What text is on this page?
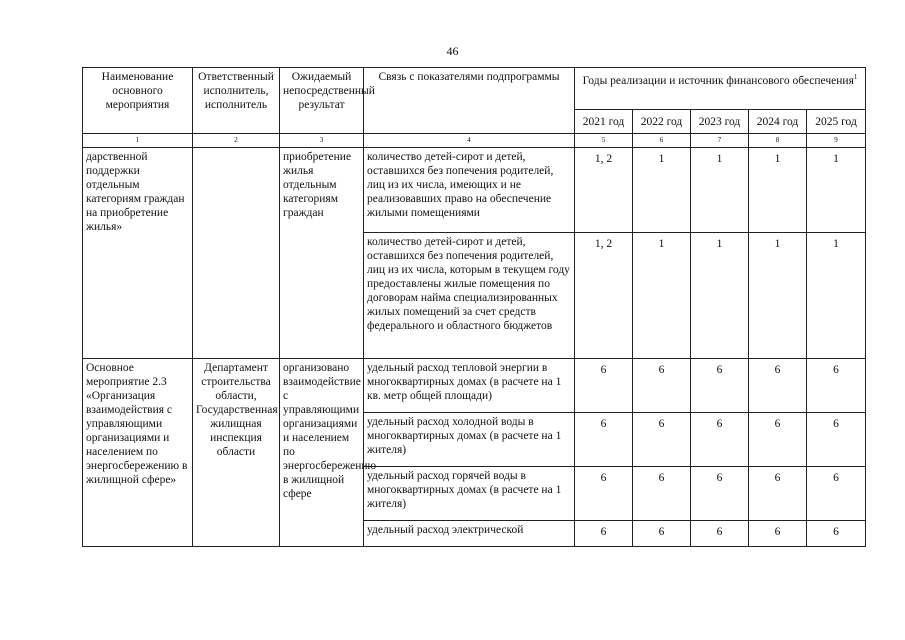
46
Наименование основного мероприятия	Ответственный исполнитель, исполнитель	Ожидаемый непосредственный результат	Связь с показателями подпрограммы	Годы реализации и источник финансового обеспечения$^1$
				2021 год	2022 год	2023 год	2024 год	2025 год
1	2	3	4	5	6	7	8	9
дарственной поддержки отдельным категориям граждан на приобретение жилья»		приобретение жилья отдельным категориям граждан	количество детей-сирот и детей, оставшихся без попечения родителей, лиц из их числа, имеющих и не реализовавших право на обеспечение жилыми помещениями	1, 2	1	1	1	1
			количество детей-сирот и детей, оставшихся без попечения родителей, лиц из их числа, которым в текущем году предоставлены жилые помещения по договорам найма специализированных жилых помещений за счет средств федерального и областного бюджетов	1, 2	1	1	1	1
Основное мероприятие 2.3 «Организация взаимодействия с управляющими организациями и населением по энергосбережению в жилищной сфере»	Департамент строительства области, Государственная жилищная инспекция области	организовано взаимодействие с управляющими организациями и населением по энергосбережению в жилищной сфере	удельный расход тепловой энергии в многоквартирных домах (в расчете на 1 кв. метр общей площади)	6	6	6	6	6
			удельный расход холодной воды в многоквартирных домах (в расчете на 1 жителя)	6	6	6	6	6
			удельный расход горячей воды в многоквартирных домах (в расчете на 1 жителя)	6	6	6	6	6
			удельный расход электрической	6	6	6	6	6
